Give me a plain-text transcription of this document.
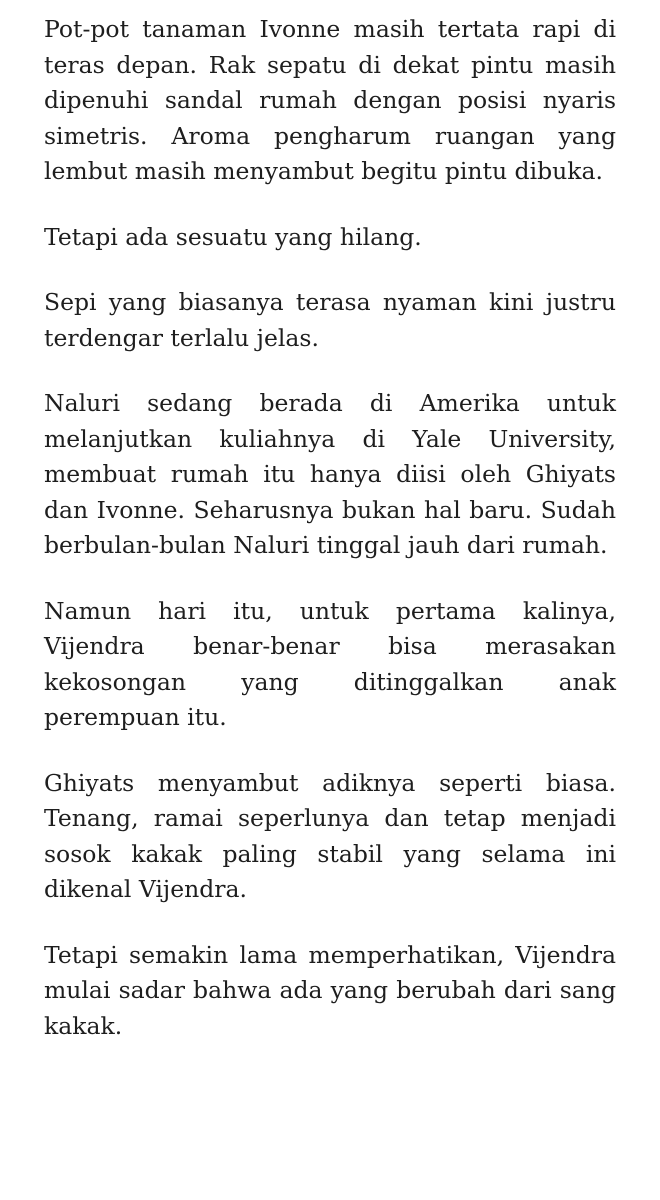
Pot-pot tanaman Ivonne masih tertata rapi di teras depan. Rak sepatu di dekat pintu masih dipenuhi sandal rumah dengan posisi nyaris simetris. Aroma pengharum ruangan yang lembut masih menyambut begitu pintu dibuka.

Tetapi ada sesuatu yang hilang.

Sepi yang biasanya terasa nyaman kini justru terdengar terlalu jelas.

Naluri sedang berada di Amerika untuk melanjutkan kuliahnya di Yale University, membuat rumah itu hanya diisi oleh Ghiyats dan Ivonne. Seharusnya bukan hal baru. Sudah berbulan-bulan Naluri tinggal jauh dari rumah.

Namun hari itu, untuk pertama kalinya, Vijendra benar-benar bisa merasakan kekosongan yang ditinggalkan anak perempuan itu.

Ghiyats menyambut adiknya seperti biasa. Tenang, ramai seperlunya dan tetap menjadi sosok kakak paling stabil yang selama ini dikenal Vijendra.

Tetapi semakin lama memperhatikan, Vijendra mulai sadar bahwa ada yang berubah dari sang kakak.
